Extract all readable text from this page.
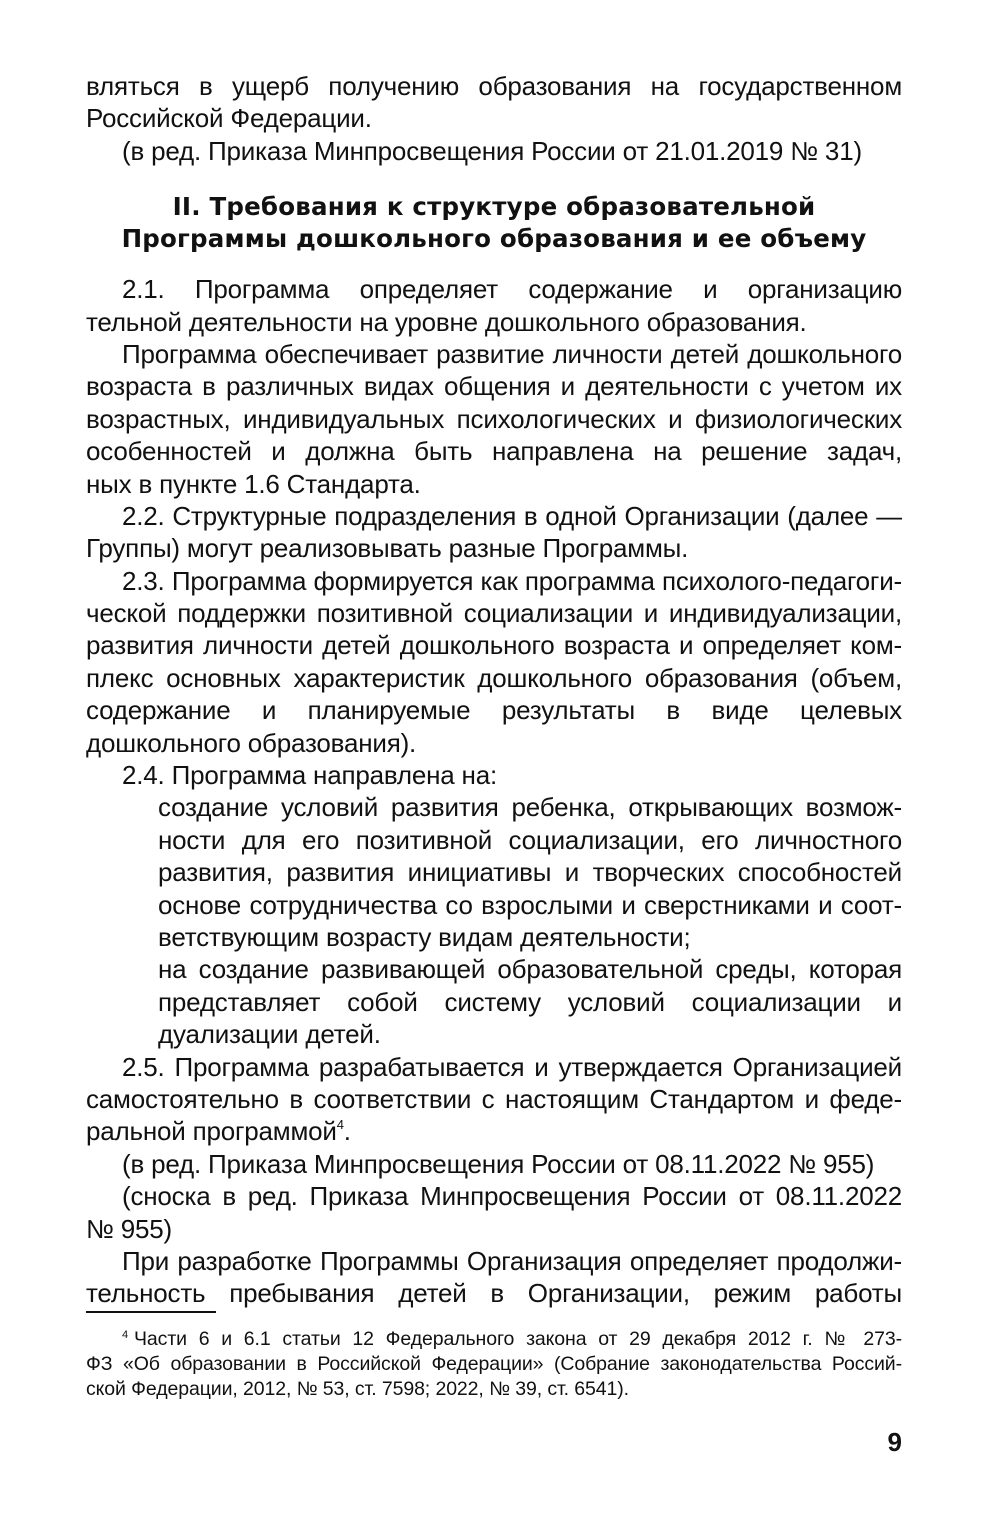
вляться в ущерб получению образования на государственном
Российской Федерации.
(в ред. Приказа Минпросвещения России от 21.01.2019 № 31)
II. Требования к структуре образовательной
Программы дошкольного образования и ее объему
2.1. Программа определяет содержание и организацию
тельной деятельности на уровне дошкольного образования.
Программа обеспечивает развитие личности детей дошкольного
возраста в различных видах общения и деятельности с учетом их
возрастных, индивидуальных психологических и физиологических
особенностей и должна быть направлена на решение задач,
ных в пункте 1.6 Стандарта.
2.2. Структурные подразделения в одной Организации (далее —
Группы) могут реализовывать разные Программы.
2.3. Программа формируется как программа психолого-педагоги-
ческой поддержки позитивной социализации и индивидуализации,
развития личности детей дошкольного возраста и определяет ком-
плекс основных характеристик дошкольного образования (объем,
содержание и планируемые результаты в виде целевых
дошкольного образования).
2.4. Программа направлена на:
создание условий развития ребенка, открывающих возмож-
ности для его позитивной социализации, его личностного
развития, развития инициативы и творческих способностей
основе сотрудничества со взрослыми и сверстниками и соот-
ветствующим возрасту видам деятельности;
на создание развивающей образовательной среды, которая
представляет собой систему условий социализации и
дуализации детей.
2.5. Программа разрабатывается и утверждается Организацией
самостоятельно в соответствии с настоящим Стандартом и феде-
ральной программой$^4$.
(в ред. Приказа Минпросвещения России от 08.11.2022 № 955)
(сноска в ред. Приказа Минпросвещения России от 08.11.2022
№ 955)
При разработке Программы Организация определяет продолжи-
тельность пребывания детей в Организации, режим работы
$^4$ Части 6 и 6.1 статьи 12 Федерального закона от 29 декабря 2012 г. № 273-
ФЗ «Об образовании в Российской Федерации» (Собрание законодательства Россий-
ской Федерации, 2012, № 53, ст. 7598; 2022, № 39, ст. 6541).
9
